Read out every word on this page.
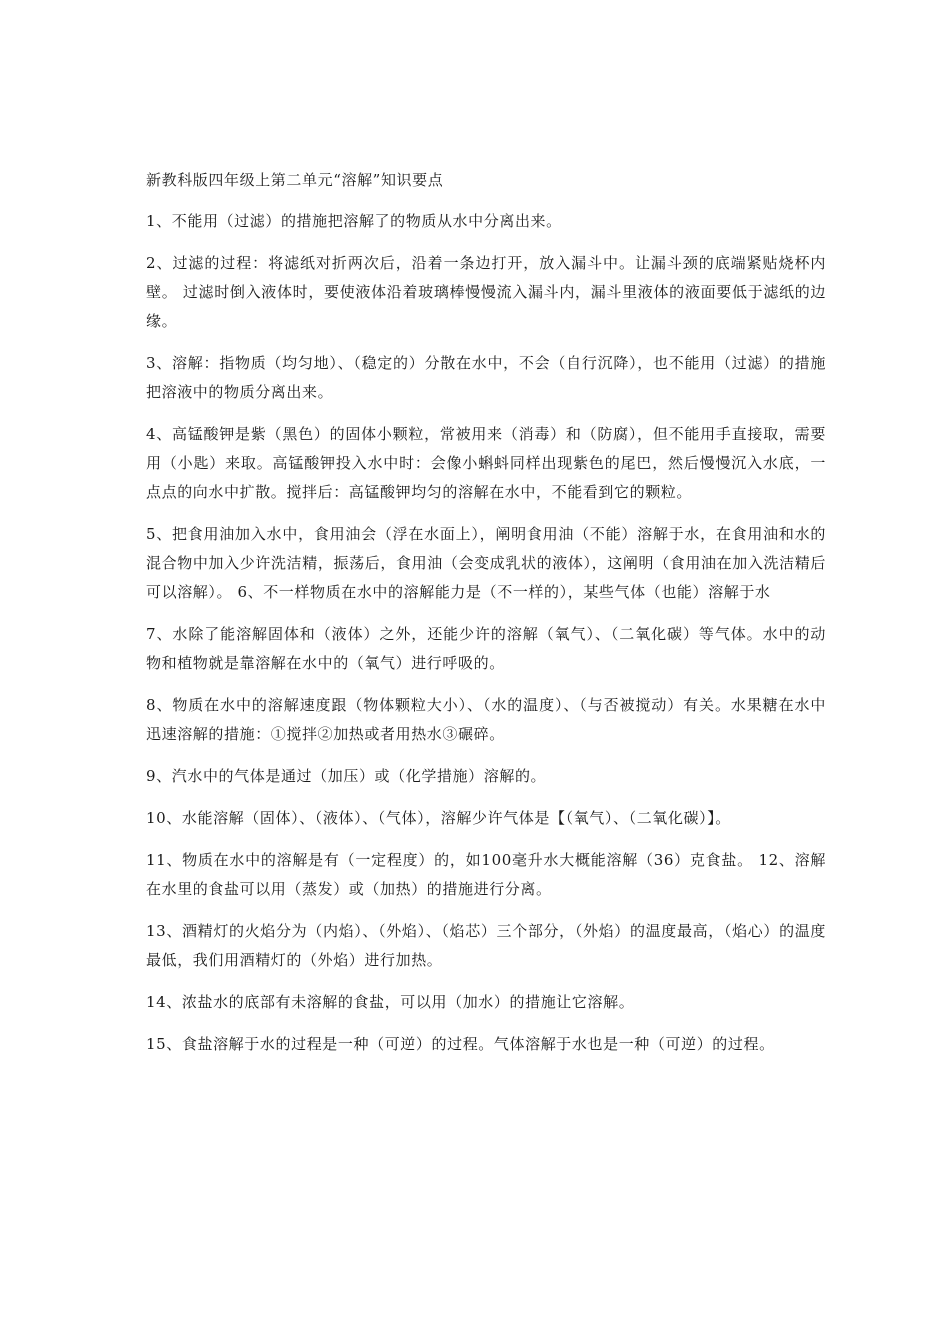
新教科版四年级上第二单元“溶解”知识要点

1、不能用（过滤）的措施把溶解了的物质从水中分离出来。

2、过滤的过程：将滤纸对折两次后，沿着一条边打开，放入漏斗中。让漏斗颈的底端紧贴烧杯内壁。 过滤时倒入液体时，要使液体沿着玻璃棒慢慢流入漏斗内，漏斗里液体的液面要低于滤纸的边缘。

3、溶解：指物质（均匀地）、（稳定的）分散在水中，不会（自行沉降），也不能用（过滤）的措施把溶液中的物质分离出来。

4、高锰酸钾是紫（黑色）的固体小颗粒，常被用来（消毒）和（防腐），但不能用手直接取，需要用（小匙）来取。高锰酸钾投入水中时：会像小蝌蚪同样出现紫色的尾巴，然后慢慢沉入水底，一点点的向水中扩散。搅拌后：高锰酸钾均匀的溶解在水中，不能看到它的颗粒。

5、把食用油加入水中，食用油会（浮在水面上），阐明食用油（不能）溶解于水，在食用油和水的混合物中加入少许洗洁精，振荡后，食用油（会变成乳状的液体），这阐明（食用油在加入洗洁精后可以溶解）。 6、不一样物质在水中的溶解能力是（不一样的），某些气体（也能）溶解于水

7、水除了能溶解固体和（液体）之外，还能少许的溶解（氧气）、（二氧化碳）等气体。水中的动物和植物就是靠溶解在水中的（氧气）进行呼吸的。

8、物质在水中的溶解速度跟（物体颗粒大小）、（水的温度）、（与否被搅动）有关。水果糖在水中迅速溶解的措施：①搅拌②加热或者用热水③碾碎。

9、汽水中的气体是通过（加压）或（化学措施）溶解的。

10、水能溶解（固体）、（液体）、（气体），溶解少许气体是【（氧气）、（二氧化碳）】。

11、物质在水中的溶解是有（一定程度）的，如100毫升水大概能溶解（36）克食盐。 12、溶解在水里的食盐可以用（蒸发）或（加热）的措施进行分离。

13、酒精灯的火焰分为（内焰）、（外焰）、（焰芯）三个部分，（外焰）的温度最高，（焰心）的温度最低，我们用酒精灯的（外焰）进行加热。

14、浓盐水的底部有未溶解的食盐，可以用（加水）的措施让它溶解。

15、食盐溶解于水的过程是一种（可逆）的过程。气体溶解于水也是一种（可逆）的过程。
